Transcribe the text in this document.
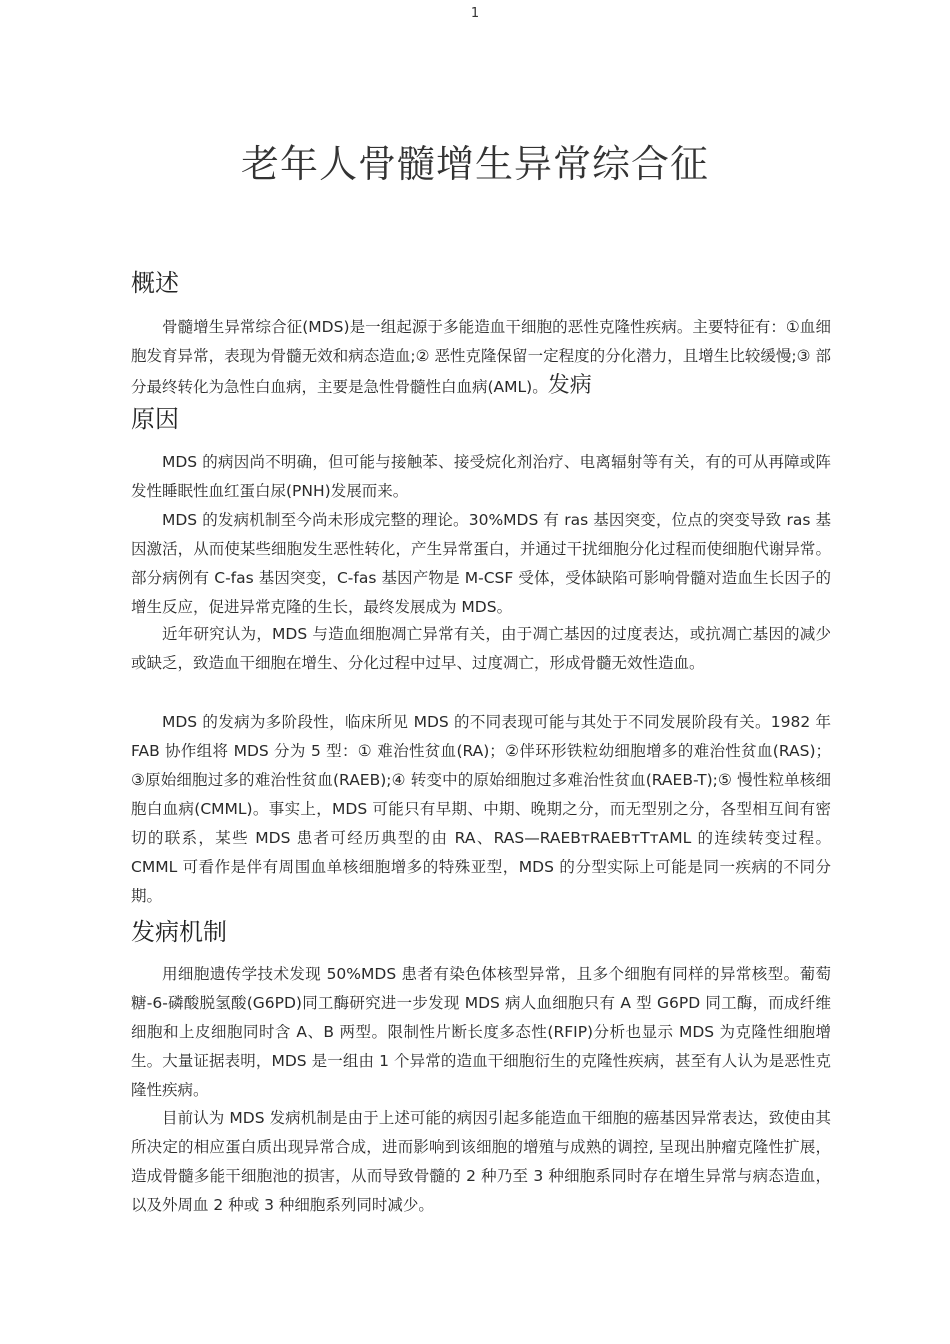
1
老年人骨髓增生异常综合征
概述

骨髓增生异常综合征(MDS)是一组起源于多能造血干细胞的恶性克隆性疾病。主要特征有：①血细胞发育异常，表现为骨髓无效和病态造血;② 恶性克隆保留一定程度的分化潜力，且增生比较缓慢;③ 部分最终转化为急性白血病，主要是急性骨髓性白血病(AML)。发病

原因

MDS 的病因尚不明确，但可能与接触苯、接受烷化剂治疗、电离辐射等有关，有的可从再障或阵发性睡眠性血红蛋白尿(PNH)发展而来。

MDS 的发病机制至今尚未形成完整的理论。30%MDS 有 ras 基因突变，位点的突变导致 ras 基因激活，从而使某些细胞发生恶性转化，产生异常蛋白，并通过干扰细胞分化过程而使细胞代谢异常。部分病例有 C-fas 基因突变，C-fas 基因产物是 M-CSF 受体，受体缺陷可影响骨髓对造血生长因子的增生反应，促进异常克隆的生长，最终发展成为 MDS。

近年研究认为，MDS 与造血细胞凋亡异常有关，由于凋亡基因的过度表达，或抗凋亡基因的减少或缺乏，致造血干细胞在增生、分化过程中过早、过度凋亡，形成骨髓无效性造血。

MDS 的发病为多阶段性，临床所见 MDS 的不同表现可能与其处于不同发展阶段有关。1982 年 FAB 协作组将 MDS 分为 5 型：① 难治性贫血(RA)；②伴环形铁粒幼细胞增多的难治性贫血(RAS)；③原始细胞过多的难治性贫血(RAEB);④ 转变中的原始细胞过多难治性贫血(RAEB-T);⑤ 慢性粒单核细胞白血病(CMML)。事实上，MDS 可能只有早期、中期、晚期之分，而无型别之分，各型相互间有密切的联系，某些 MDS 患者可经历典型的由 RA、RAS—RAEBᴛRAEBᴛTᴛAML 的连续转变过程。CMML 可看作是伴有周围血单核细胞增多的特殊亚型，MDS 的分型实际上可能是同一疾病的不同分期。

发病机制

用细胞遗传学技术发现 50%MDS 患者有染色体核型异常，且多个细胞有同样的异常核型。葡萄糖-6-磷酸脱氢酸(G6PD)同工酶研究进一步发现 MDS 病人血细胞只有 A 型 G6PD 同工酶，而成纤维细胞和上皮细胞同时含 A、B 两型。限制性片断长度多态性(RFIP)分析也显示 MDS 为克隆性细胞增生。大量证据表明，MDS 是一组由 1 个异常的造血干细胞衍生的克隆性疾病，甚至有人认为是恶性克隆性疾病。

目前认为 MDS 发病机制是由于上述可能的病因引起多能造血干细胞的癌基因异常表达，致使由其所决定的相应蛋白质出现异常合成，进而影响到该细胞的增殖与成熟的调控, 呈现出肿瘤克隆性扩展，造成骨髓多能干细胞池的损害，从而导致骨髓的 2 种乃至 3 种细胞系同时存在增生异常与病态造血，以及外周血 2 种或 3 种细胞系列同时减少。
